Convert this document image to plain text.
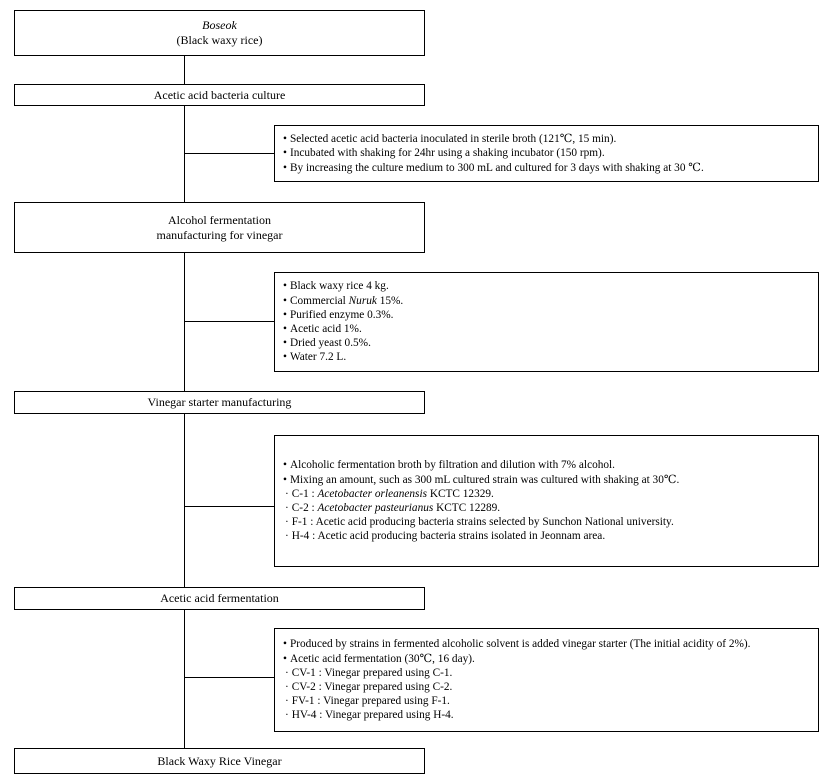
Boseok
(Black waxy rice)
Acetic acid bacteria culture
Alcohol fermentation
manufacturing for vinegar
Vinegar starter manufacturing
Acetic acid fermentation
Black Waxy Rice Vinegar
• Selected acetic acid bacteria inoculated in sterile broth (121℃, 15 min).
• Incubated with shaking for 24hr using a shaking incubator (150 rpm).
• By increasing the culture medium to 300 mL and cultured for 3 days with shaking at 30 ℃.
• Black waxy rice 4 kg.
• Commercial Nuruk 15%.
• Purified enzyme 0.3%.
• Acetic acid 1%.
• Dried yeast 0.5%.
• Water 7.2 L.
• Alcoholic fermentation broth by filtration and dilution with 7% alcohol.
• Mixing an amount, such as 300 mL cultured strain was cultured with shaking at 30℃.
· C-1 : Acetobacter orleanensis KCTC 12329.
· C-2 : Acetobacter pasteurianus KCTC 12289.
· F-1 : Acetic acid producing bacteria strains selected by Sunchon National university.
· H-4 : Acetic acid producing bacteria strains isolated in Jeonnam area.
• Produced by strains in fermented alcoholic solvent is added vinegar starter (The initial acidity of 2%).
• Acetic acid fermentation (30℃, 16 day).
· CV-1 : Vinegar prepared using C-1.
· CV-2 : Vinegar prepared using C-2.
· FV-1 : Vinegar prepared using F-1.
· HV-4 : Vinegar prepared using H-4.
